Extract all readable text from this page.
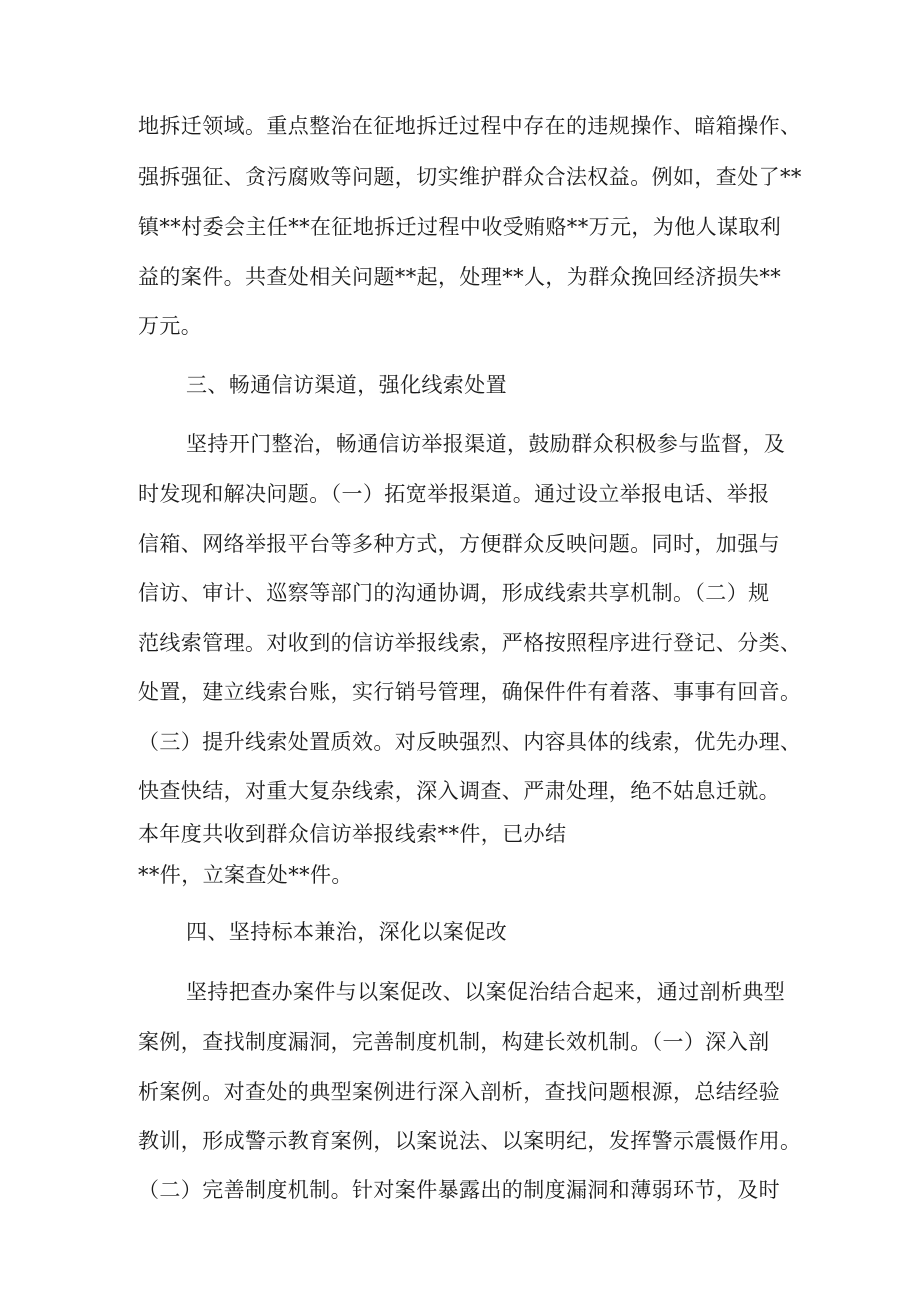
地拆迁领域。重点整治在征地拆迁过程中存在的违规操作、暗箱操作、
强拆强征、贪污腐败等问题，切实维护群众合法权益。例如，查处了**
镇**村委会主任**在征地拆迁过程中收受贿赂**万元，为他人谋取利
益的案件。共查处相关问题**起，处理**人，为群众挽回经济损失**
万元。
三、畅通信访渠道，强化线索处置
坚持开门整治，畅通信访举报渠道，鼓励群众积极参与监督，及
时发现和解决问题。（一）拓宽举报渠道。通过设立举报电话、举报
信箱、网络举报平台等多种方式，方便群众反映问题。同时，加强与
信访、审计、巡察等部门的沟通协调，形成线索共享机制。（二）规
范线索管理。对收到的信访举报线索，严格按照程序进行登记、分类、
处置，建立线索台账，实行销号管理，确保件件有着落、事事有回音。
（三）提升线索处置质效。对反映强烈、内容具体的线索，优先办理、
快查快结，对重大复杂线索，深入调查、严肃处理，绝不姑息迁就。
本年度共收到群众信访举报线索**件，已办结
**件，立案查处**件。
四、坚持标本兼治，深化以案促改
坚持把查办案件与以案促改、以案促治结合起来，通过剖析典型
案例，查找制度漏洞，完善制度机制，构建长效机制。（一）深入剖
析案例。对查处的典型案例进行深入剖析，查找问题根源，总结经验
教训，形成警示教育案例，以案说法、以案明纪，发挥警示震慑作用。
（二）完善制度机制。针对案件暴露出的制度漏洞和薄弱环节，及时
